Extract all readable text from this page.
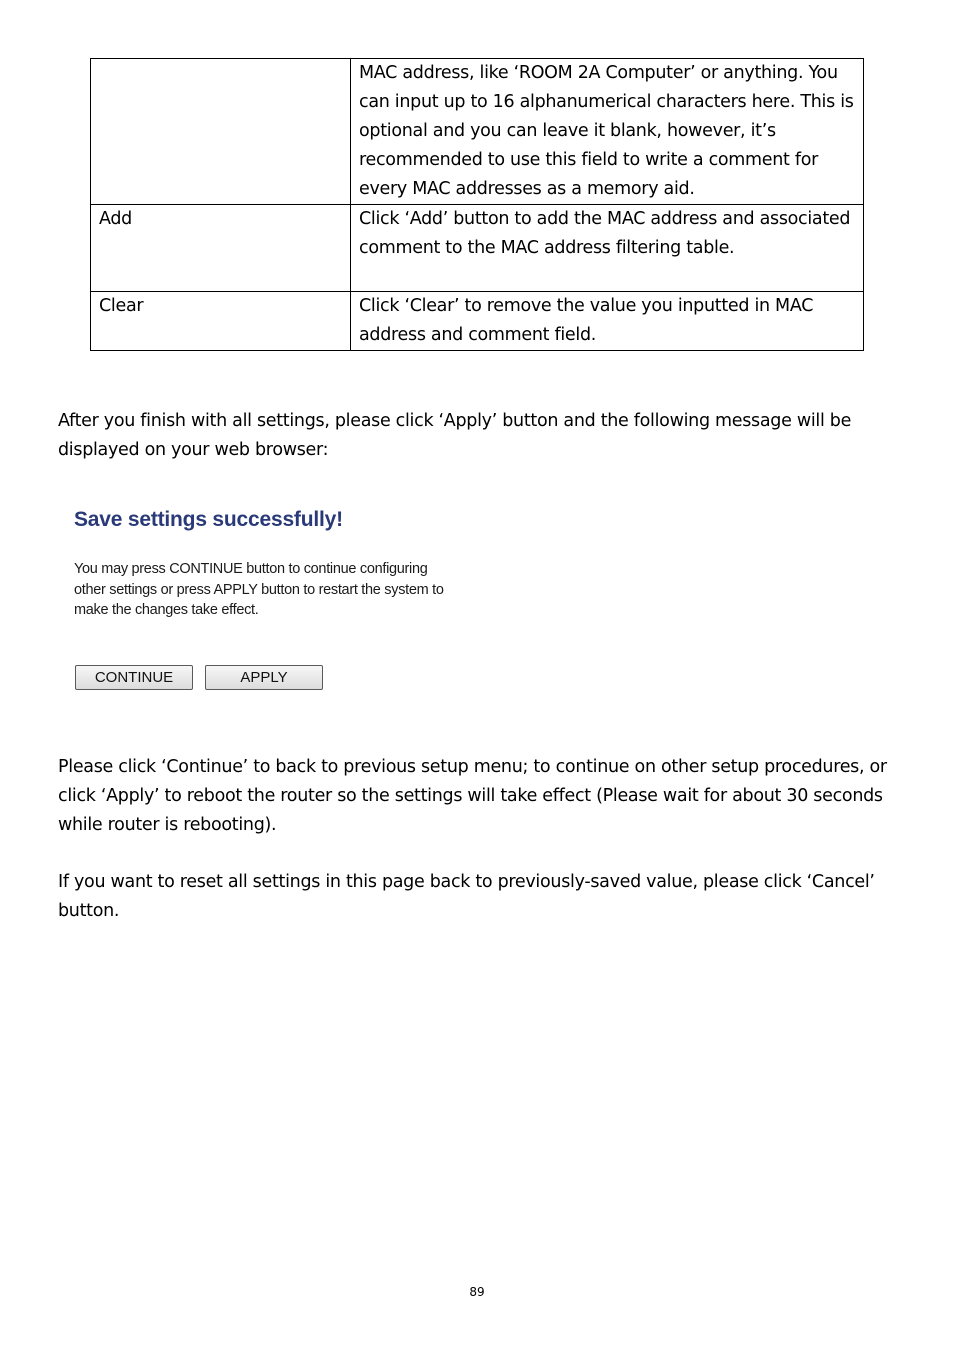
	MAC address, like ‘ROOM 2A Computer’ or anything. You can input up to 16 alphanumerical characters here. This is optional and you can leave it blank, however, it’s recommended to use this field to write a comment for every MAC addresses as a memory aid.
Add	Click ‘Add’ button to add the MAC address and associated comment to the MAC address filtering table.
Clear	Click ‘Clear’ to remove the value you inputted in MAC address and comment field.

After you finish with all settings, please click ‘Apply’ button and the following message will be displayed on your web browser:

Save settings successfully!
You may press CONTINUE button to continue configuring other settings or press APPLY button to restart the system to make the changes take effect.
CONTINUE	APPLY

Please click ‘Continue’ to back to previous setup menu; to continue on other setup procedures, or click ‘Apply’ to reboot the router so the settings will take effect (Please wait for about 30 seconds while router is rebooting).

If you want to reset all settings in this page back to previously-saved value, please click ‘Cancel’ button.

89
